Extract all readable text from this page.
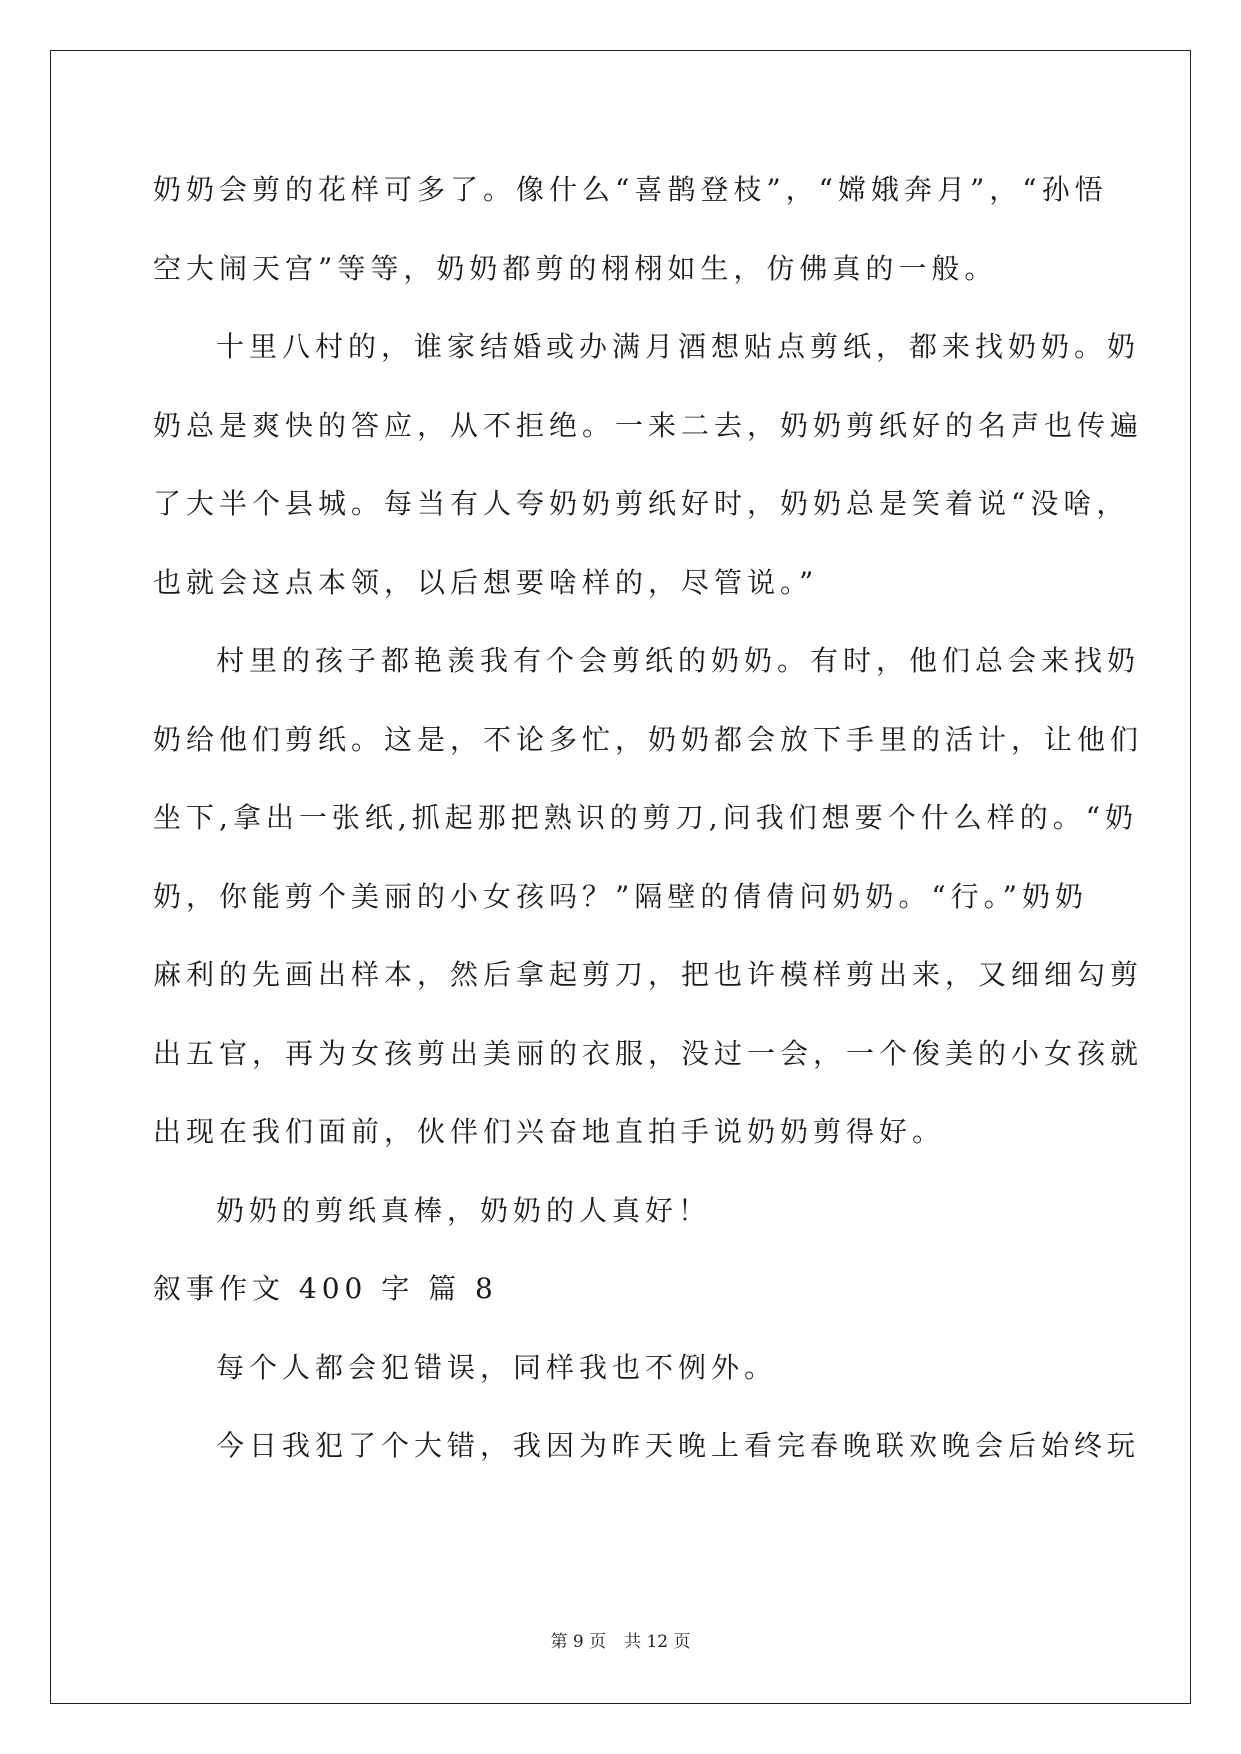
奶奶会剪的花样可多了。像什么“喜鹊登枝”，“嫦娥奔月”，“孙悟
空大闹天宫”等等，奶奶都剪的栩栩如生，仿佛真的一般。
十里八村的，谁家结婚或办满月酒想贴点剪纸，都来找奶奶。奶
奶总是爽快的答应，从不拒绝。一来二去，奶奶剪纸好的名声也传遍
了大半个县城。每当有人夸奶奶剪纸好时，奶奶总是笑着说“没啥，
也就会这点本领，以后想要啥样的，尽管说。”
村里的孩子都艳羡我有个会剪纸的奶奶。有时，他们总会来找奶
奶给他们剪纸。这是，不论多忙，奶奶都会放下手里的活计，让他们
坐下,拿出一张纸,抓起那把熟识的剪刀,问我们想要个什么样的。“奶
奶，你能剪个美丽的小女孩吗？”隔壁的倩倩问奶奶。“行。”奶奶
麻利的先画出样本，然后拿起剪刀，把也许模样剪出来，又细细勾剪
出五官，再为女孩剪出美丽的衣服，没过一会，一个俊美的小女孩就
出现在我们面前，伙伴们兴奋地直拍手说奶奶剪得好。
奶奶的剪纸真棒，奶奶的人真好！
叙事作文 400 字 篇 8
每个人都会犯错误，同样我也不例外。
今日我犯了个大错，我因为昨天晚上看完春晚联欢晚会后始终玩
第 9 页 共 12 页
